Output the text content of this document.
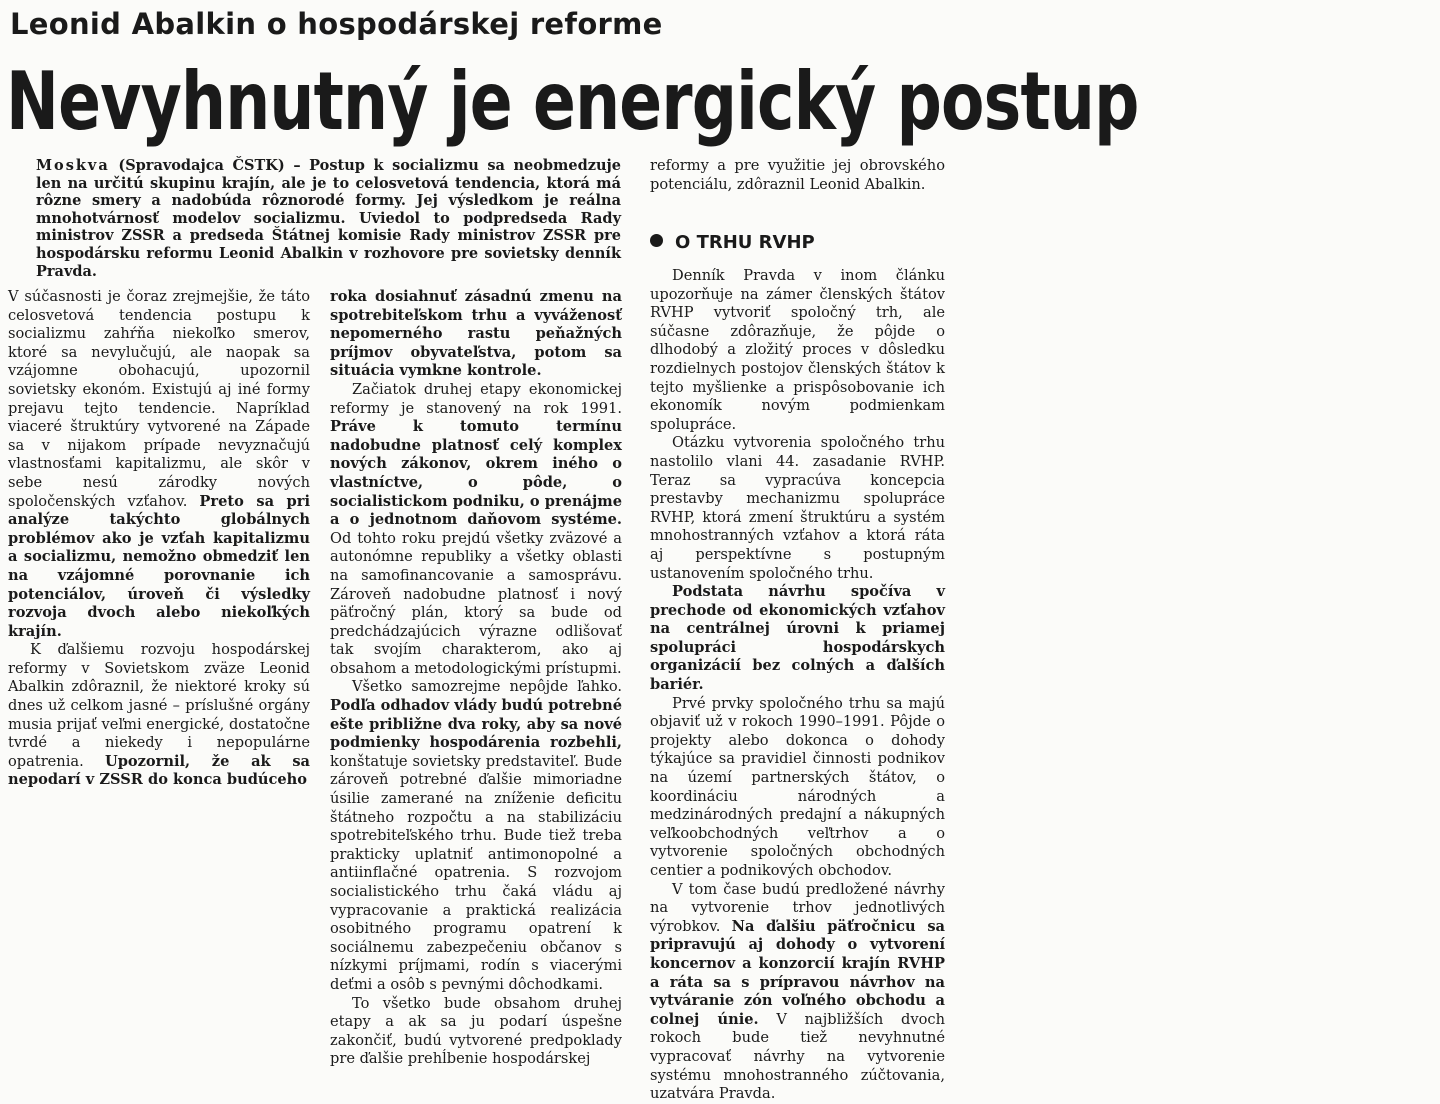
Leonid Abalkin o hospodárskej reforme
Nevyhnutný je energický postup

Moskva (Spravodajca ČSTK) – Postup k socializmu sa neobmedzuje len na určitú skupinu krajín, ale je to celosvetová tendencia, ktorá má rôzne smery a nadobúda rôznorodé formy. Jej výsledkom je reálna mnohotvárnosť modelov socializmu. Uviedol to podpredseda Rady ministrov ZSSR a predseda Štátnej komisie Rady ministrov ZSSR pre hospodársku reformu Leonid Abalkin v rozhovore pre sovietsky denník Pravda.

V súčasnosti je čoraz zrejmejšie, že táto celosvetová tendencia postupu k socializmu zahŕňa niekoľko smerov, ktoré sa nevylučujú, ale naopak sa vzájomne obohacujú, upozornil sovietsky ekonóm. Existujú aj iné formy prejavu tejto tendencie. Napríklad viaceré štruktúry vytvorené na Západe sa v nijakom prípade nevyznačujú vlastnosťami kapitalizmu, ale skôr v sebe nesú zárodky nových spoločenských vzťahov. Preto sa pri analýze takýchto globálnych problémov ako je vzťah kapitalizmu a socializmu, nemožno obmedziť len na vzájomné porovnanie ich potenciálov, úroveň či výsledky rozvoja dvoch alebo niekoľkých krajín.

K ďalšiemu rozvoju hospodárskej reformy v Sovietskom zväze Leonid Abalkin zdôraznil, že niektoré kroky sú dnes už celkom jasné – príslušné orgány musia prijať veľmi energické, dostatočne tvrdé a niekedy i nepopulárne opatrenia. Upozornil, že ak sa nepodarí v ZSSR do konca budúceho

roka dosiahnuť zásadnú zmenu na spotrebiteľskom trhu a vyváženosť nepomerného rastu peňažných príjmov obyvateľstva, potom sa situácia vymkne kontrole.

Začiatok druhej etapy ekonomickej reformy je stanovený na rok 1991. Práve k tomuto termínu nadobudne platnosť celý komplex nových zákonov, okrem iného o vlastníctve, o pôde, o socialistickom podniku, o prenájme a o jednotnom daňovom systéme. Od tohto roku prejdú všetky zväzové a autonómne republiky a všetky oblasti na samofinancovanie a samosprávu. Zároveň nadobudne platnosť i nový päťročný plán, ktorý sa bude od predchádzajúcich výrazne odlišovať tak svojím charakterom, ako aj obsahom a metodologickými prístupmi.

Všetko samozrejme nepôjde ľahko. Podľa odhadov vlády budú potrebné ešte približne dva roky, aby sa nové podmienky hospodárenia rozbehli, konštatuje sovietsky predstaviteľ. Bude zároveň potrebné ďalšie mimoriadne úsilie zamerané na zníženie deficitu štátneho rozpočtu a na stabilizáciu spotrebiteľského trhu. Bude tiež treba prakticky uplatniť antimonopolné a antiinflačné opatrenia. S rozvojom socialistického trhu čaká vládu aj vypracovanie a praktická realizácia osobitného programu opatrení k sociálnemu zabezpečeniu občanov s nízkymi príjmami, rodín s viacerými deťmi a osôb s pevnými dôchodkami.

To všetko bude obsahom druhej etapy a ak sa ju podarí úspešne zakončiť, budú vytvorené predpoklady pre ďalšie prehĺbenie hospodárskej

reformy a pre využitie jej obrovského potenciálu, zdôraznil Leonid Abalkin.

O TRHU RVHP

Denník Pravda v inom článku upozorňuje na zámer členských štátov RVHP vytvoriť spoločný trh, ale súčasne zdôrazňuje, že pôjde o dlhodobý a zložitý proces v dôsledku rozdielnych postojov členských štátov k tejto myšlienke a prispôsobovanie ich ekonomík novým podmienkam spolupráce.

Otázku vytvorenia spoločného trhu nastolilo vlani 44. zasadanie RVHP. Teraz sa vypracúva koncepcia prestavby mechanizmu spolupráce RVHP, ktorá zmení štruktúru a systém mnohostranných vzťahov a ktorá ráta aj perspektívne s postupným ustanovením spoločného trhu.

Podstata návrhu spočíva v prechode od ekonomických vzťahov na centrálnej úrovni k priamej spolupráci hospodárskych organizácií bez colných a ďalších bariér.

Prvé prvky spoločného trhu sa majú objaviť už v rokoch 1990–1991. Pôjde o projekty alebo dokonca o dohody týkajúce sa pravidiel činnosti podnikov na území partnerských štátov, o koordináciu národných a medzinárodných predajní a nákupných veľkoobchodných veľtrhov a o vytvorenie spoločných obchodných centier a podnikových obchodov.

V tom čase budú predložené návrhy na vytvorenie trhov jednotlivých výrobkov. Na ďalšiu päťročnicu sa pripravujú aj dohody o vytvorení koncernov a konzorcií krajín RVHP a ráta sa s prípravou návrhov na vytváranie zón voľného obchodu a colnej únie. V najbližších dvoch rokoch bude tiež nevyhnutné vypracovať návrhy na vytvorenie systému mnohostranného zúčtovania, uzatvára Pravda.
